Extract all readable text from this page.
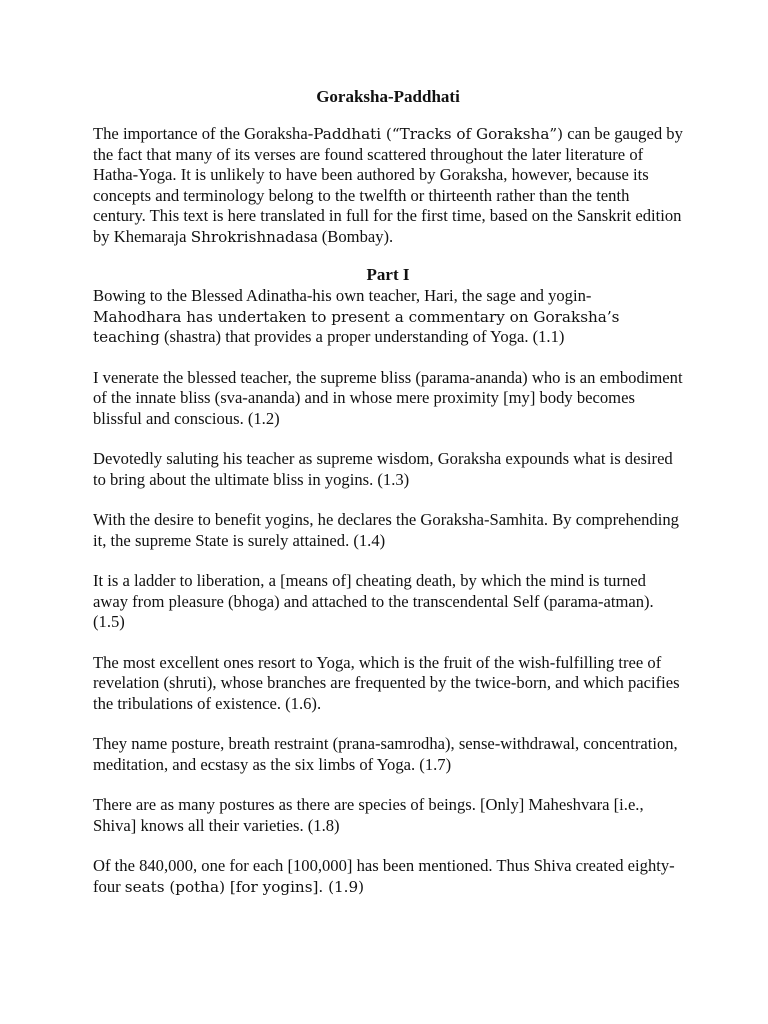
Goraksha-Paddhati

The importance of the Goraksha-Paddhati (“Tracks of Goraksha”) can be gauged by the fact that many of its verses are found scattered throughout the later literature of Hatha-Yoga. It is unlikely to have been authored by Goraksha, however, because its concepts and terminology belong to the twelfth or thirteenth rather than the tenth century. This text is here translated in full for the first time, based on the Sanskrit edition by Khemaraja Shrokrishnadasa (Bombay).

Part I

Bowing to the Blessed Adinatha-his own teacher, Hari, the sage and yogin-
Mahodhara has undertaken to present a commentary on Goraksha’s teaching (shastra) that provides a proper understanding of Yoga. (1.1)

I venerate the blessed teacher, the supreme bliss (parama-ananda) who is an embodiment of the innate bliss (sva-ananda) and in whose mere proximity [my] body becomes blissful and conscious. (1.2)

Devotedly saluting his teacher as supreme wisdom, Goraksha expounds what is desired to bring about the ultimate bliss in yogins. (1.3)

With the desire to benefit yogins, he declares the Goraksha-Samhita. By comprehending it, the supreme State is surely attained. (1.4)

It is a ladder to liberation, a [means of] cheating death, by which the mind is turned away from pleasure (bhoga) and attached to the transcendental Self (parama-atman). (1.5)

The most excellent ones resort to Yoga, which is the fruit of the wish-fulfilling tree of revelation (shruti), whose branches are frequented by the twice-born, and which pacifies the tribulations of existence. (1.6).

They name posture, breath restraint (prana-samrodha), sense-withdrawal, concentration, meditation, and ecstasy as the six limbs of Yoga. (1.7)

There are as many postures as there are species of beings. [Only] Maheshvara [i.e., Shiva] knows all their varieties. (1.8)

Of the 840,000, one for each [100,000] has been mentioned. Thus Shiva created eighty-four seats (potha) [for yogins]. (1.9)
